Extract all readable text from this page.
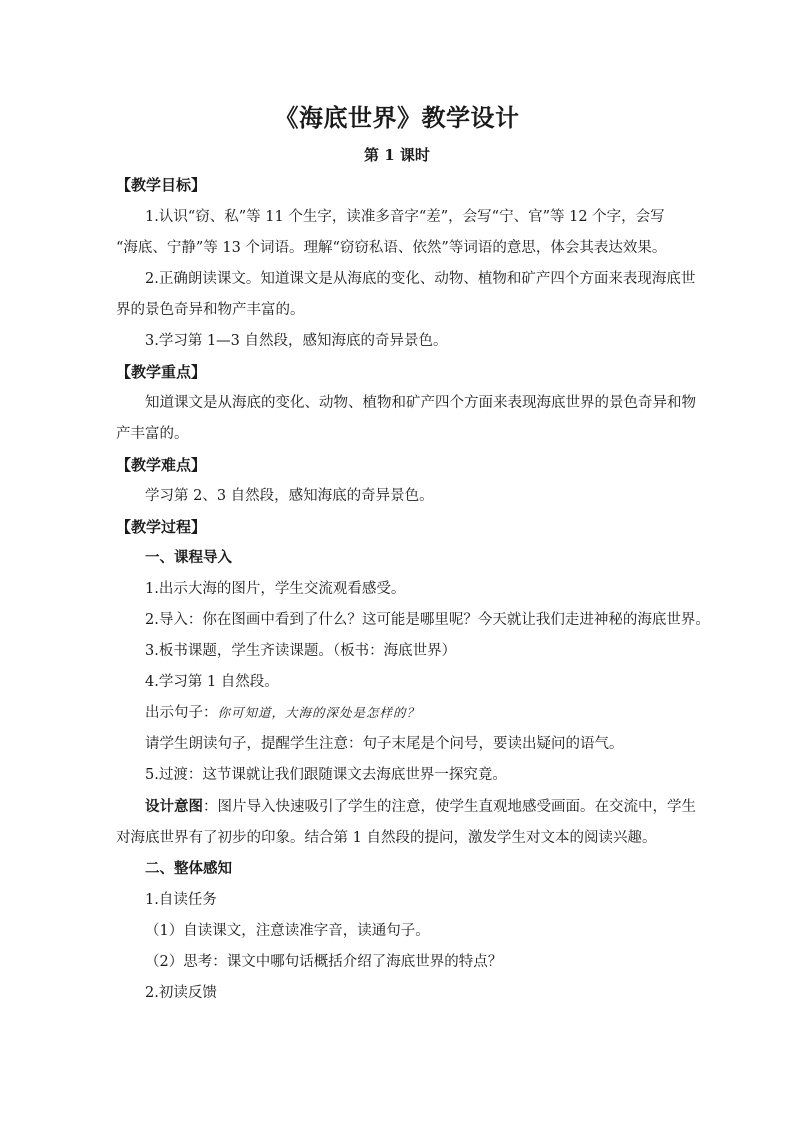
《海底世界》教学设计
第 1 课时
【教学目标】
1.认识“窃、私”等 11 个生字，读准多音字“差”，会写“宁、官”等 12 个字，会写
“海底、宁静”等 13 个词语。理解“窃窃私语、依然”等词语的意思，体会其表达效果。
2.正确朗读课文。知道课文是从海底的变化、动物、植物和矿产四个方面来表现海底世
界的景色奇异和物产丰富的。
3.学习第 1—3 自然段，感知海底的奇异景色。
【教学重点】
知道课文是从海底的变化、动物、植物和矿产四个方面来表现海底世界的景色奇异和物
产丰富的。
【教学难点】
学习第 2、3 自然段，感知海底的奇异景色。
【教学过程】
一、课程导入
1.出示大海的图片，学生交流观看感受。
2.导入：你在图画中看到了什么？这可能是哪里呢？今天就让我们走进神秘的海底世界。
3.板书课题，学生齐读课题。（板书：海底世界）
4.学习第 1 自然段。
出示句子：你可知道，大海的深处是怎样的？
请学生朗读句子，提醒学生注意：句子末尾是个问号，要读出疑问的语气。
5.过渡：这节课就让我们跟随课文去海底世界一探究竟。
设计意图：图片导入快速吸引了学生的注意，使学生直观地感受画面。在交流中，学生
对海底世界有了初步的印象。结合第 1 自然段的提问，激发学生对文本的阅读兴趣。
二、整体感知
1.自读任务
（1）自读课文，注意读准字音，读通句子。
（2）思考：课文中哪句话概括介绍了海底世界的特点？
2.初读反馈
